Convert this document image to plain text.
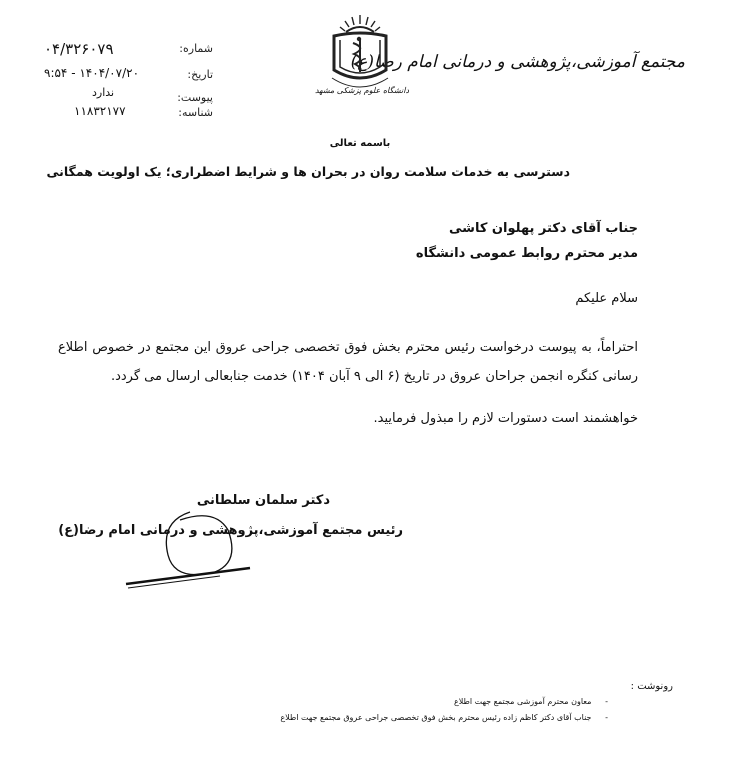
مجتمع آموزشی،پژوهشی و درمانی امام رضا(ع)
دانشگاه علوم پزشکی مشهد
شماره:
۰۴/۳۲۶۰۷۹
تاریخ:
۱۴۰۴/۰۷/۲۰ - ۹:۵۴
پیوست:
ندارد
شناسه:
۱۱۸۳۲۱۷۷
باسمه تعالی
دسترسی به خدمات سلامت روان در بحران ها و شرایط اضطراری؛ یک اولویت همگانی
جناب آقای دکتر پهلوان کاشی
مدیر محترم روابط عمومی دانشگاه
سلام علیکم
احتراماً، به پیوست درخواست رئیس محترم بخش فوق تخصصی جراحی عروق این مجتمع در خصوص اطلاع رسانی کنگره انجمن جراحان عروق در تاریخ (۶ الی ۹ آبان ۱۴۰۴) خدمت جنابعالی ارسال می گردد.
خواهشمند است دستورات لازم را مبذول فرمایید.
دکتر سلمان سلطانی
رئیس مجتمع آموزشی،پژوهشی و درمانی امام رضا(ع)
رونوشت :
- معاون محترم آموزشی مجتمع جهت اطلاع
- جناب آقای دکتر کاظم زاده رئیس محترم بخش فوق تخصصی جراحی عروق مجتمع جهت اطلاع
